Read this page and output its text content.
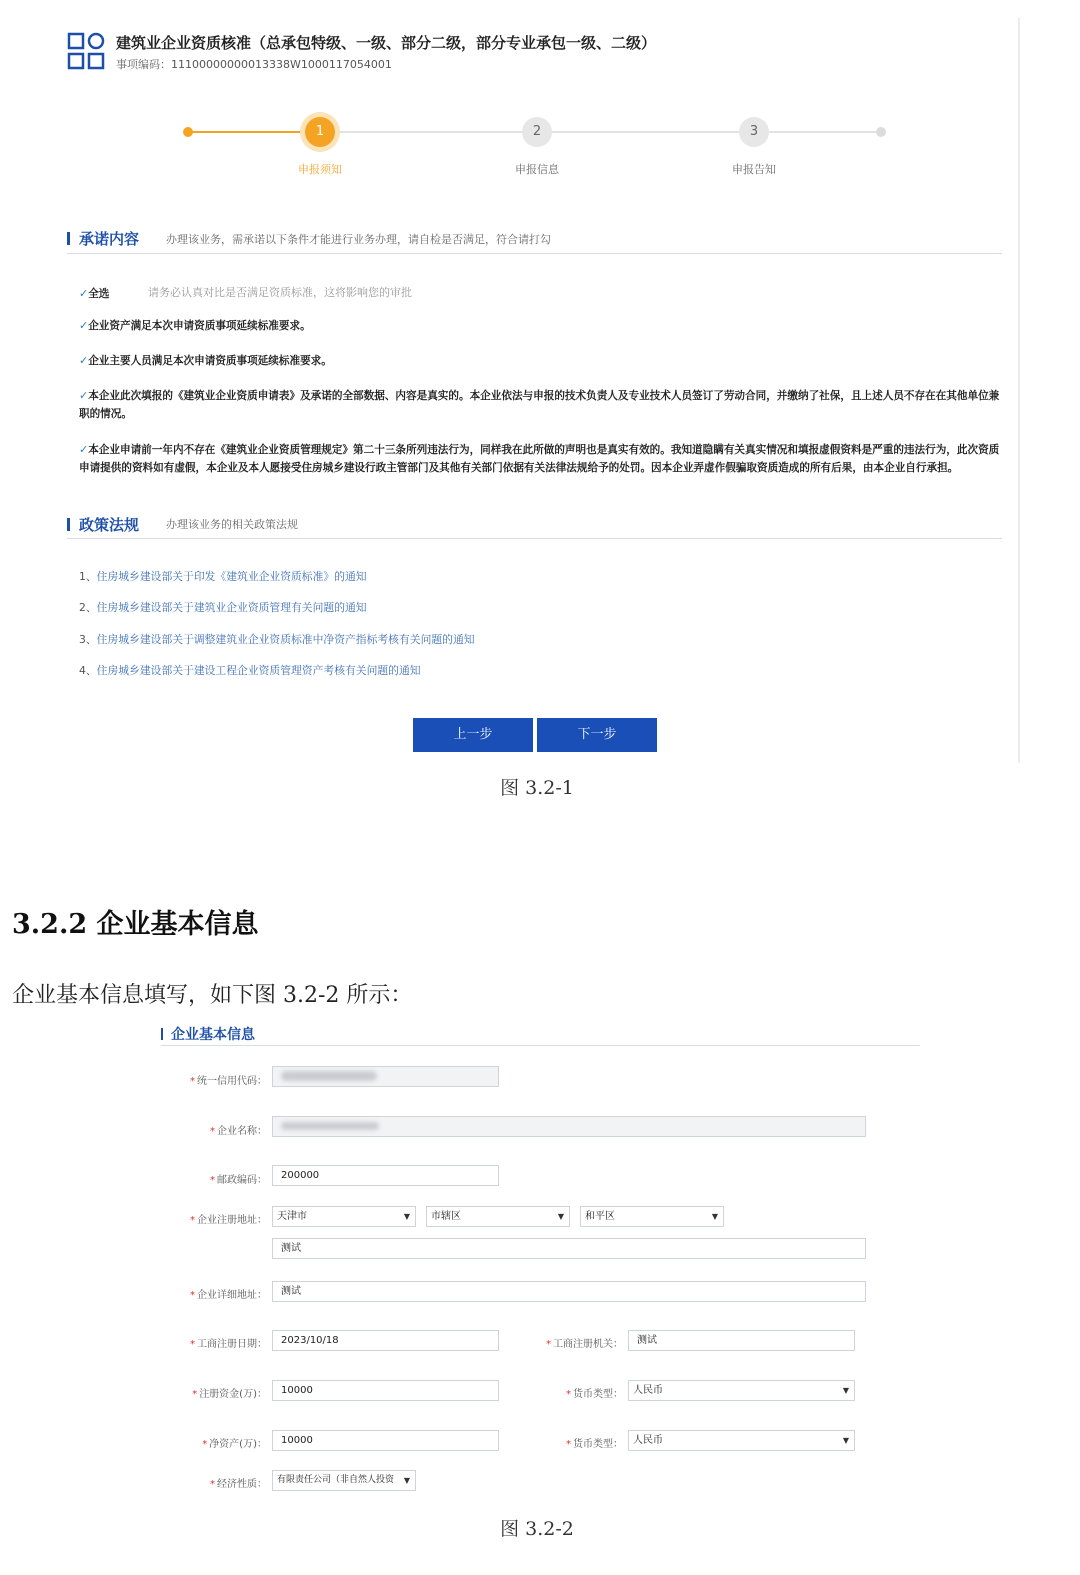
建筑业企业资质核准（总承包特级、一级、部分二级，部分专业承包一级、二级）
事项编码：11100000000013338W1000117054001
1	2	3
申报须知	申报信息	申报告知
承诺内容 办理该业务，需承诺以下条件才能进行业务办理，请自检是否满足，符合请打勾
✓全选	请务必认真对比是否满足资质标准，这将影响您的审批
✓企业资产满足本次申请资质事项延续标准要求。
✓企业主要人员满足本次申请资质事项延续标准要求。
✓本企业此次填报的《建筑业企业资质申请表》及承诺的全部数据、内容是真实的。本企业依法与申报的技术负责人及专业技术人员签订了劳动合同，并缴纳了社保，且上述人员不存在在其他单位兼职的情况。
✓本企业申请前一年内不存在《建筑业企业资质管理规定》第二十三条所列违法行为，同样我在此所做的声明也是真实有效的。我知道隐瞒有关真实情况和填报虚假资料是严重的违法行为，此次资质申请提供的资料如有虚假，本企业及本人愿接受住房城乡建设行政主管部门及其他有关部门依据有关法律法规给予的处罚。因本企业弄虚作假骗取资质造成的所有后果，由本企业自行承担。
政策法规 办理该业务的相关政策法规
1、住房城乡建设部关于印发《建筑业企业资质标准》的通知
2、住房城乡建设部关于建筑业企业资质管理有关问题的通知
3、住房城乡建设部关于调整建筑业企业资质标准中净资产指标考核有关问题的通知
4、住房城乡建设部关于建设工程企业资质管理资产考核有关问题的通知
上一步	下一步
图 3.2-1
3.2.2 企业基本信息
企业基本信息填写，如下图 3.2-2 所示：
企业基本信息
* 统一信用代码：
* 企业名称：
* 邮政编码：	200000
* 企业注册地址：	天津市	▼	市辖区	▼	和平区	▼
测试
* 企业详细地址：	测试
* 工商注册日期：	2023/10/18	* 工商注册机关：	测试
* 注册资金(万)：	10000	* 货币类型：	人民币	▼
* 净资产(万)：	10000	* 货币类型：	人民币	▼
* 经济性质：	有限责任公司（非自然人投资 ▼
图 3.2-2
